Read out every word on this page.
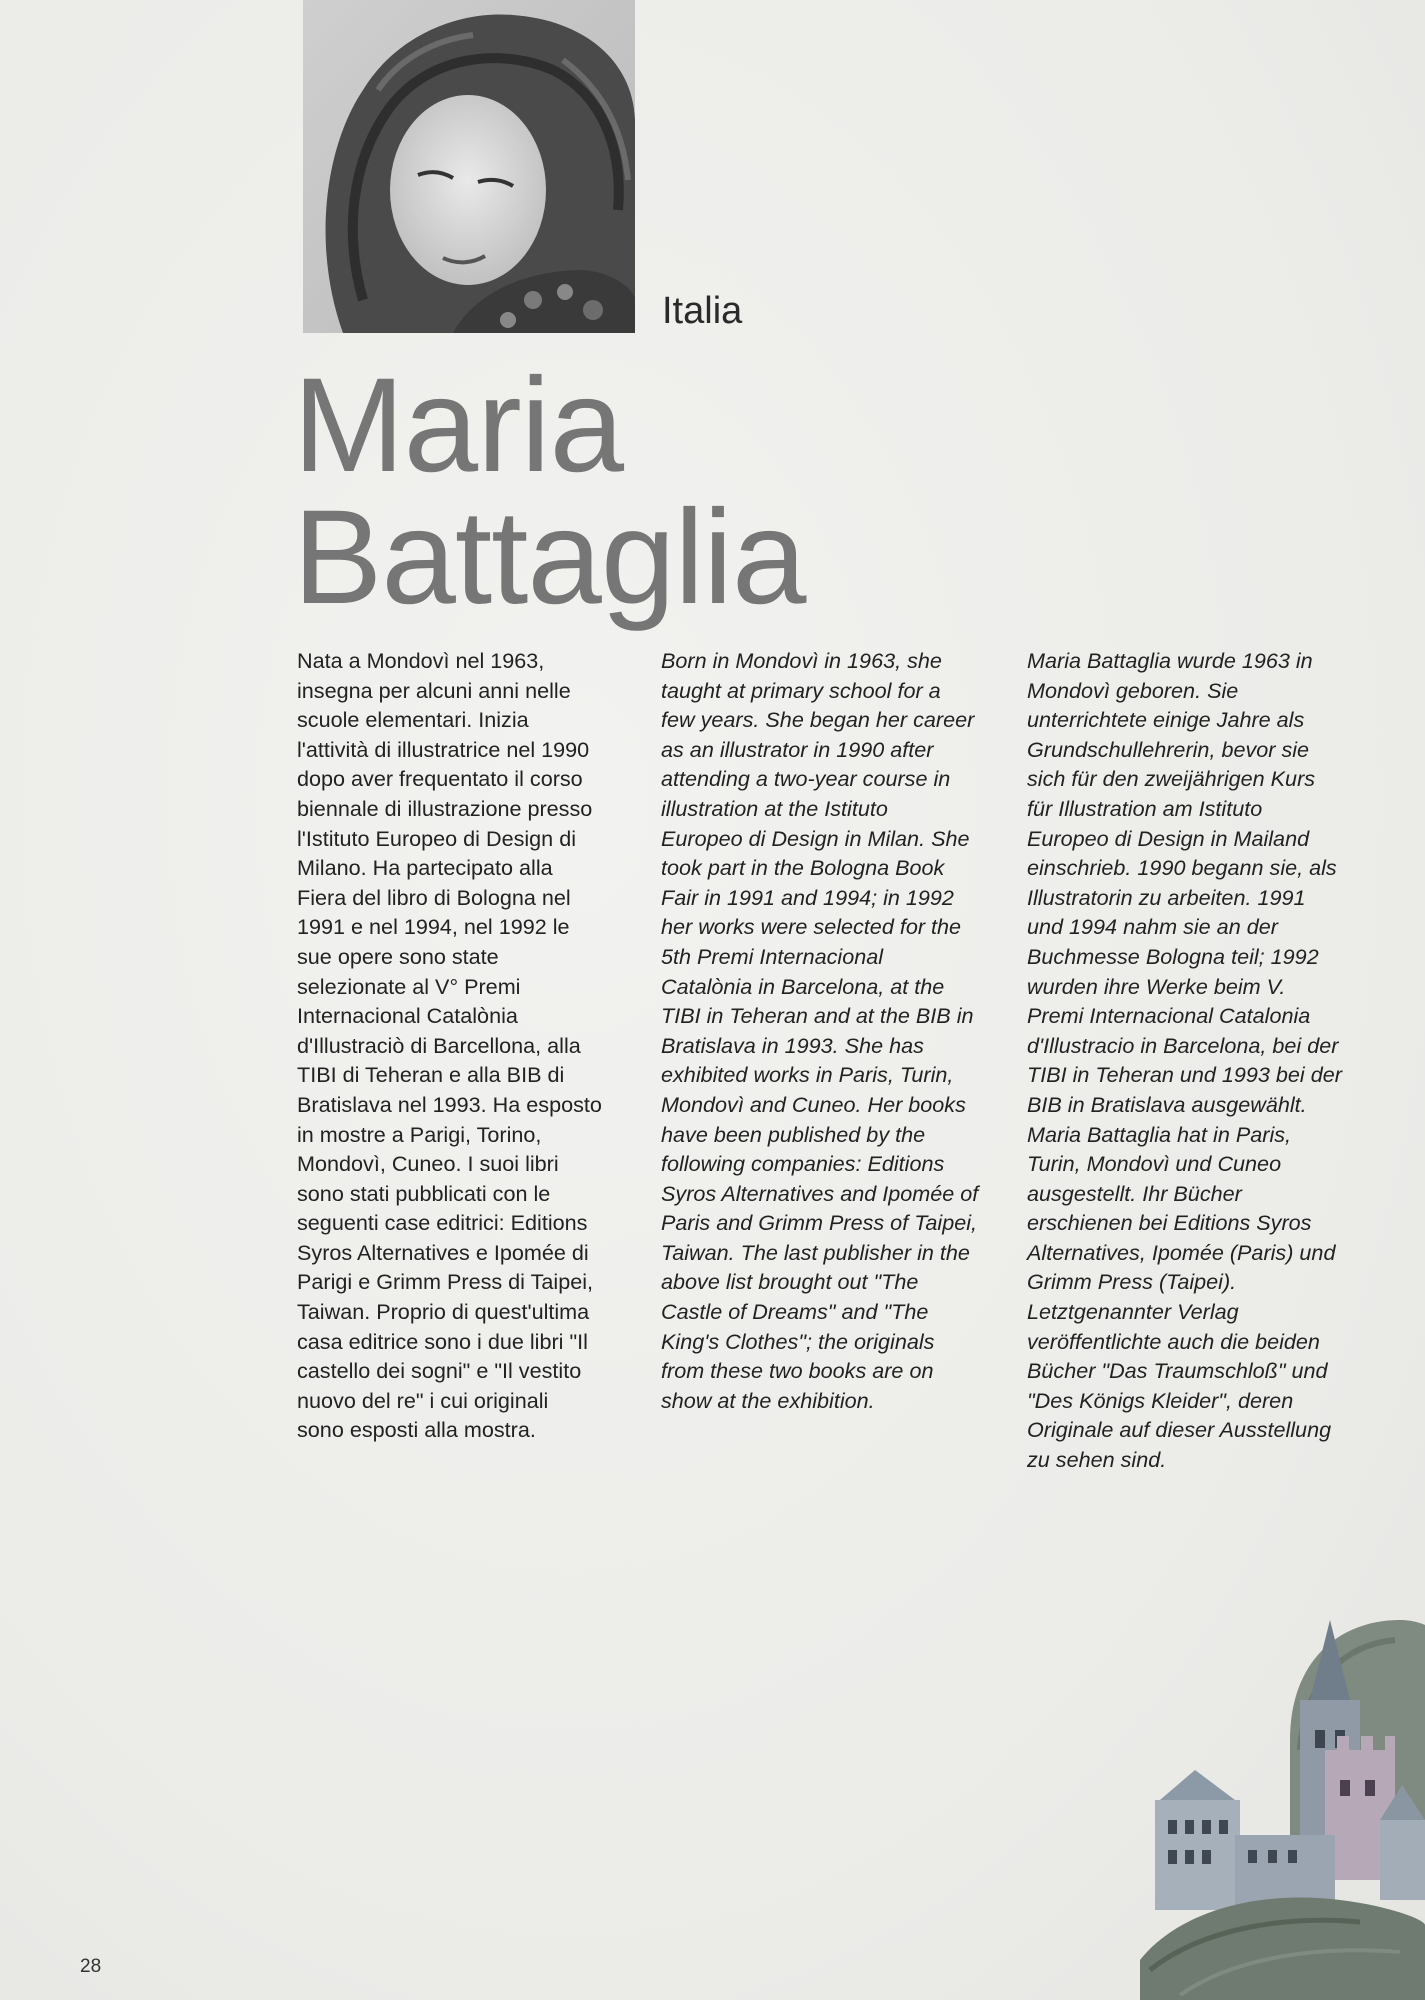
Italia
Maria
Battaglia
Nata a Mondovì nel 1963,
insegna per alcuni anni nelle
scuole elementari. Inizia
l'attività di illustratrice nel 1990
dopo aver frequentato il corso
biennale di illustrazione presso
l'Istituto Europeo di Design di
Milano. Ha partecipato alla
Fiera del libro di Bologna nel
1991 e nel 1994, nel 1992 le
sue opere sono state
selezionate al V° Premi
Internacional Catalònia
d'Illustraciò di Barcellona, alla
TIBI di Teheran e alla BIB di
Bratislava nel 1993. Ha esposto
in mostre a Parigi, Torino,
Mondovì, Cuneo. I suoi libri
sono stati pubblicati con le
seguenti case editrici: Editions
Syros Alternatives e Ipomée di
Parigi e Grimm Press di Taipei,
Taiwan. Proprio di quest'ultima
casa editrice sono i due libri "Il
castello dei sogni" e "Il vestito
nuovo del re" i cui originali
sono esposti alla mostra.
Born in Mondovì in 1963, she
taught at primary school for a
few years. She began her career
as an illustrator in 1990 after
attending a two-year course in
illustration at the Istituto
Europeo di Design in Milan. She
took part in the Bologna Book
Fair in 1991 and 1994; in 1992
her works were selected for the
5th Premi Internacional
Catalònia in Barcelona, at the
TIBI in Teheran and at the BIB in
Bratislava in 1993. She has
exhibited works in Paris, Turin,
Mondovì and Cuneo. Her books
have been published by the
following companies: Editions
Syros Alternatives and Ipomée of
Paris and Grimm Press of Taipei,
Taiwan. The last publisher in the
above list brought out "The
Castle of Dreams" and "The
King's Clothes"; the originals
from these two books are on
show at the exhibition.
Maria Battaglia wurde 1963 in
Mondovì geboren. Sie
unterrichtete einige Jahre als
Grundschullehrerin, bevor sie
sich für den zweijährigen Kurs
für Illustration am Istituto
Europeo di Design in Mailand
einschrieb. 1990 begann sie, als
Illustratorin zu arbeiten. 1991
und 1994 nahm sie an der
Buchmesse Bologna teil; 1992
wurden ihre Werke beim V.
Premi Internacional Catalonia
d'Illustracio in Barcelona, bei der
TIBI in Teheran und 1993 bei der
BIB in Bratislava ausgewählt.
Maria Battaglia hat in Paris,
Turin, Mondovì und Cuneo
ausgestellt. Ihr Bücher
erschienen bei Editions Syros
Alternatives, Ipomée (Paris) und
Grimm Press (Taipei).
Letztgenannter Verlag
veröffentlichte auch die beiden
Bücher "Das Traumschloß" und
"Des Königs Kleider", deren
Originale auf dieser Ausstellung
zu sehen sind.
28
